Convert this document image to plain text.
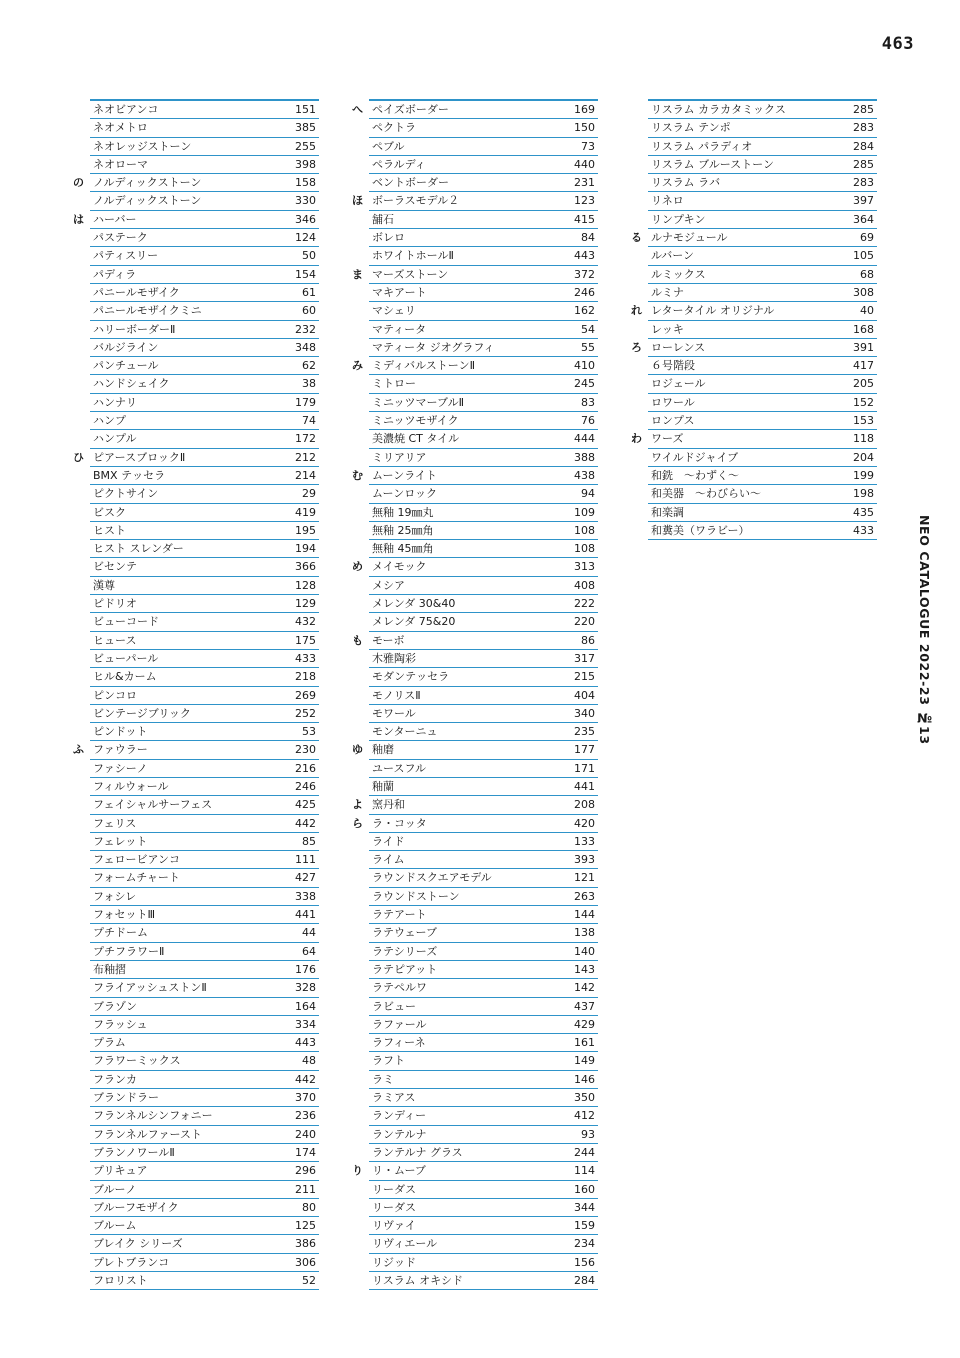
463
NEO CATALOGUE 2022-23 №13
ネオビアンコ	151
ネオメトロ	385
ネオレッジストーン	255
ネオローマ	398
の ノルディックストーン	158
ノルディックストーン	330
は ハーバー	346
パステーク	124
パティスリー	50
パディラ	154
パニールモザイク	61
パニールモザイクミニ	60
ハリーボーダーⅡ	232
バルジライン	348
パンチュール	62
ハンドシェイク	38
ハンナリ	179
ハンプ	74
ハンプル	172
ひ ピアースブロックⅡ	212
BMX テッセラ	214
ピクトサイン	29
ビスク	419
ヒスト	195
ヒスト スレンダー	194
ビセンテ	366
漢尊	128
ピドリオ	129
ビューコード	432
ヒュース	175
ビューパール	433
ヒル&カーム	218
ピンコロ	269
ビンテージブリック	252
ピンドット	53
ふ ファウラー	230
ファシーノ	216
フィルウォール	246
フェイシャルサーフェス	425
フェリス	442
フェレット	85
フェロービアンコ	111
フォームチャート	427
フォシレ	338
フォセットⅢ	441
プチドーム	44
プチフラワーⅡ	64
布釉摺	176
フライアッシュストンⅡ	328
ブラゾン	164
フラッシュ	334
プラム	443
フラワーミックス	48
フランカ	442
ブランドラー	370
フランネルシンフォニー	236
フランネルファースト	240
ブランノワールⅡ	174
プリキュア	296
ブルーノ	211
ブルーフモザイク	80
ブルーム	125
ブレイク シリーズ	386
プレトブランコ	306
フロリスト	52
へ ペイズボーダー	169
ペクトラ	150
ペブル	73
ペラルディ	440
ベントボーダー	231
ほ ボーラスモデル２	123
舗石	415
ボレロ	84
ホワイトホールⅡ	443
ま マーズストーン	372
マキアート	246
マシェリ	162
マティータ	54
マティータ ジオグラフィ	55
み ミディバルストーンⅡ	410
ミトロー	245
ミニッツマーブルⅡ	83
ミニッツモザイク	76
美濃焼 CT タイル	444
ミリアリア	388
む ムーンライト	438
ムーンロック	94
無釉 19㎜丸	109
無釉 25㎜角	108
無釉 45㎜角	108
め メイモック	313
メシア	408
メレンダ 30&40	222
メレンダ 75&20	220
も モーボ	86
木雅陶彩	317
モダンテッセラ	215
モノリスⅡ	404
モワール	340
モンターニュ	235
ゆ 釉磨	177
ユースフル	171
釉蘭	441
よ 窯丹和	208
ら ラ・コッタ	420
ライド	133
ライム	393
ラウンドスクエアモデル	121
ラウンドストーン	263
ラテアート	144
ラテウェーブ	138
ラテシリーズ	140
ラテピアット	143
ラテペルワ	142
ラビュー	437
ラファール	429
ラフィーネ	161
ラフト	149
ラミ	146
ラミアス	350
ランディー	412
ランテルナ	93
ランテルナ グラス	244
り リ・ムーブ	114
リーダス	160
リーダス	344
リヴァイ	159
リヴィエール	234
リジッド	156
リスラム オキシド	284
リスラム カラカタミックス	285
リスラム テンポ	283
リスラム パラディオ	284
リスラム ブルーストーン	285
リスラム ラバ	283
リネロ	397
リンプキン	364
る ルナモジュール	69
ルバーン	105
ルミックス	68
ルミナ	308
れ レタータイル オリジナル	40
レッキ	168
ろ ローレンス	391
６号階段	417
ロジェール	205
ロワール	152
ロンプス	153
わ ワーズ	118
ワイルドジャイブ	204
和銑　～わずく～	199
和美器　～わびらい～	198
和楽調	435
和糞美（ワラビー）	433
